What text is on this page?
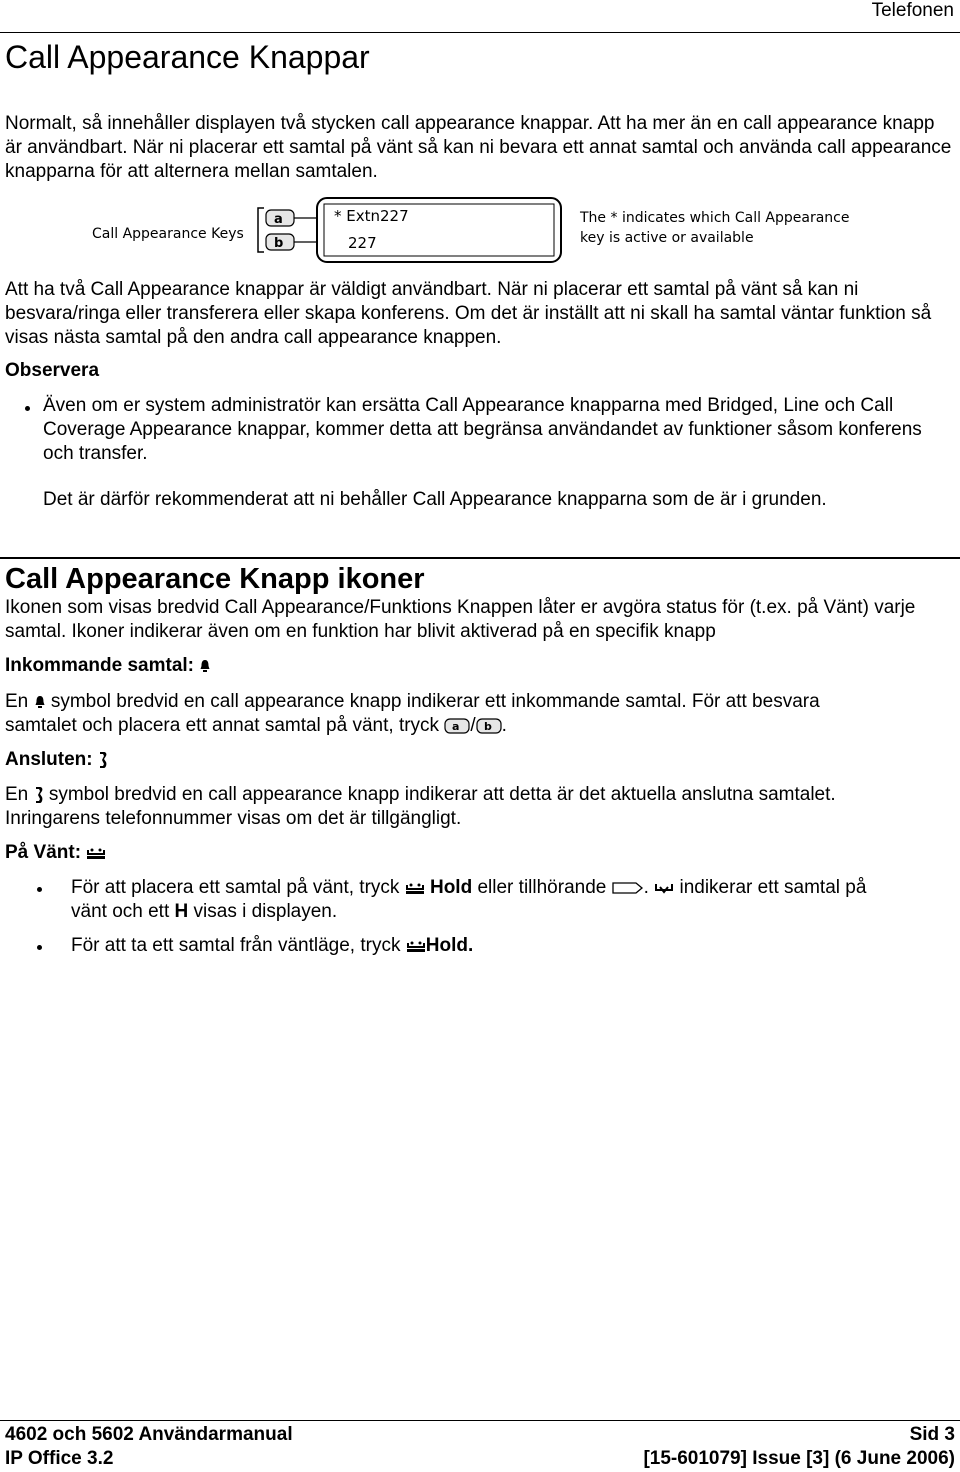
Telefonen
Call Appearance Knappar

Normalt, så innehåller displayen två stycken call appearance knappar. Att ha mer än en call appearance knapp är användbart. När ni placerar ett samtal på vänt så kan ni bevara ett annat samtal och använda call appearance knapparna för att alternera mellan samtalen.

Call Appearance Keys
a
b
* Extn227
227
The * indicates which Call Appearance
key is active or available

Att ha två Call Appearance knappar är väldigt användbart. När ni placerar ett samtal på vänt så kan ni besvara/ringa eller transferera eller skapa konferens. Om det är inställt att ni skall ha samtal väntar funktion så visas nästa samtal på den andra call appearance knappen.

Observera

Även om er system administratör kan ersätta Call Appearance knapparna med Bridged, Line och Call Coverage Appearance knappar, kommer detta att begränsa användandet av funktioner såsom konferens och transfer.

Det är därför rekommenderat att ni behåller Call Appearance knapparna som de är i grunden.

Call Appearance Knapp ikoner

Ikonen som visas bredvid Call Appearance/Funktions Knappen låter er avgöra status för (t.ex. på Vänt) varje samtal. Ikoner indikerar även om en funktion har blivit aktiverad på en specifik knapp

Inkommande samtal:
En symbol bredvid en call appearance knapp indikerar ett inkommande samtal. För att besvara
samtalet och placera ett annat samtal på vänt, tryck a / b .
Ansluten:
En symbol bredvid en call appearance knapp indikerar att detta är det aktuella anslutna samtalet.
Inringarens telefonnummer visas om det är tillgängligt.
På Vänt:
För att placera ett samtal på vänt, tryck Hold eller tillhörande . indikerar ett samtal på
vänt och ett H visas i displayen.
För att ta ett samtal från väntläge, tryck Hold.
4602 och 5602 Användarmanual	Sid 3
IP Office 3.2	[15-601079] Issue [3] (6 June 2006)
